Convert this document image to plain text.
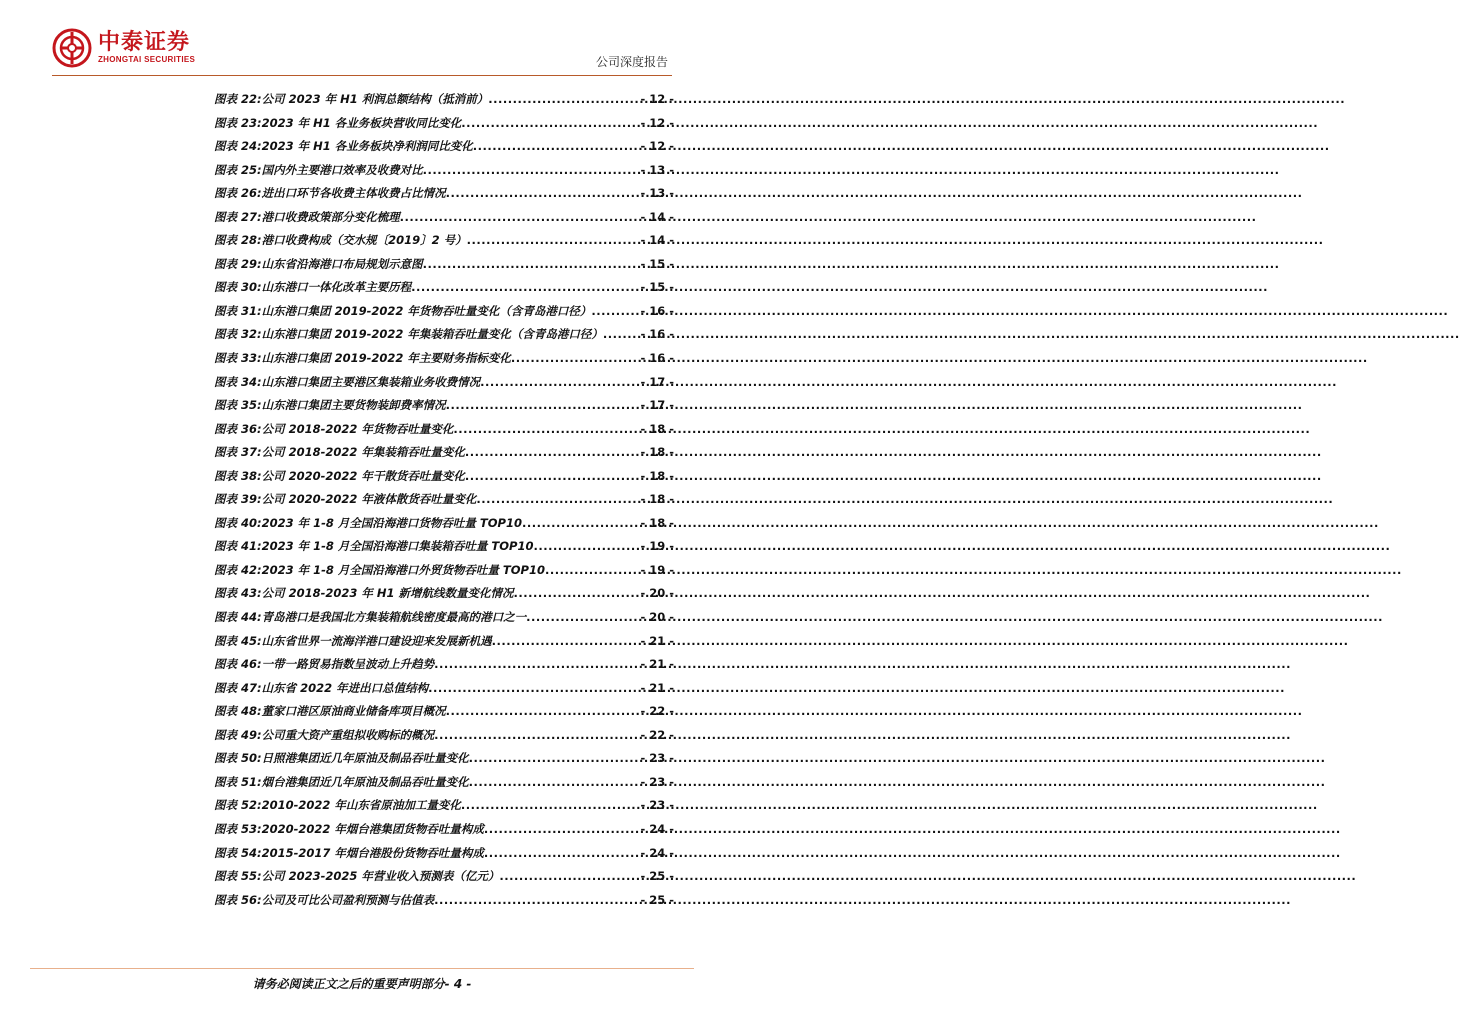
中泰证券
ZHONGTAI SECURITIES	公司深度报告
图表 22: 公司 2023 年 H1 利润总额结构（抵消前） .....	- 12 -
图表 23: 2023 年 H1 各业务板块营收同比变化 .....	- 12 -
图表 24: 2023 年 H1 各业务板块净利润同比变化 .....	- 12 -
图表 25: 国内外主要港口效率及收费对比 .....	- 13 -
图表 26: 进出口环节各收费主体收费占比情况 .....	- 13 -
图表 27: 港口收费政策部分变化梳理 .....	- 14 -
图表 28: 港口收费构成（交水规〔2019〕2 号） .....	- 14 -
图表 29: 山东省沿海港口布局规划示意图 .....	- 15 -
图表 30: 山东港口一体化改革主要历程 .....	- 15 -
图表 31: 山东港口集团 2019-2022 年货物吞吐量变化（含青岛港口径） .....	- 16 -
图表 32: 山东港口集团 2019-2022 年集装箱吞吐量变化（含青岛港口径） .....	- 16 -
图表 33: 山东港口集团 2019-2022 年主要财务指标变化 .....	- 16 -
图表 34: 山东港口集团主要港区集装箱业务收费情况 .....	- 17 -
图表 35: 山东港口集团主要货物装卸费率情况 .....	- 17 -
图表 36: 公司 2018-2022 年货物吞吐量变化 .....	- 18 -
图表 37: 公司 2018-2022 年集装箱吞吐量变化 .....	- 18 -
图表 38: 公司 2020-2022 年干散货吞吐量变化 .....	- 18 -
图表 39: 公司 2020-2022 年液体散货吞吐量变化 .....	- 18 -
图表 40: 2023 年 1-8 月全国沿海港口货物吞吐量 TOP10 .....	- 18 -
图表 41: 2023 年 1-8 月全国沿海港口集装箱吞吐量 TOP10 .....	- 19 -
图表 42: 2023 年 1-8 月全国沿海港口外贸货物吞吐量 TOP10 .....	- 19 -
图表 43: 公司 2018-2023 年 H1 新增航线数量变化情况 .....	- 20 -
图表 44: 青岛港口是我国北方集装箱航线密度最高的港口之一 .....	- 20 -
图表 45: 山东省世界一流海洋港口建设迎来发展新机遇 .....	- 21 -
图表 46: 一带一路贸易指数呈波动上升趋势 .....	- 21 -
图表 47: 山东省 2022 年进出口总值结构 .....	- 21 -
图表 48: 董家口港区原油商业储备库项目概况 .....	- 22 -
图表 49: 公司重大资产重组拟收购标的概况 .....	- 22 -
图表 50: 日照港集团近几年原油及制品吞吐量变化 .....	- 23 -
图表 51: 烟台港集团近几年原油及制品吞吐量变化 .....	- 23 -
图表 52: 2010-2022 年山东省原油加工量变化 .....	- 23 -
图表 53: 2020-2022 年烟台港集团货物吞吐量构成 .....	- 24 -
图表 54: 2015-2017 年烟台港股份货物吞吐量构成 .....	- 24 -
图表 55: 公司 2023-2025 年营业收入预测表（亿元） .....	- 25 -
图表 56: 公司及可比公司盈利预测与估值表 .....	- 25 -
请务必阅读正文之后的重要声明部分- 4 -
